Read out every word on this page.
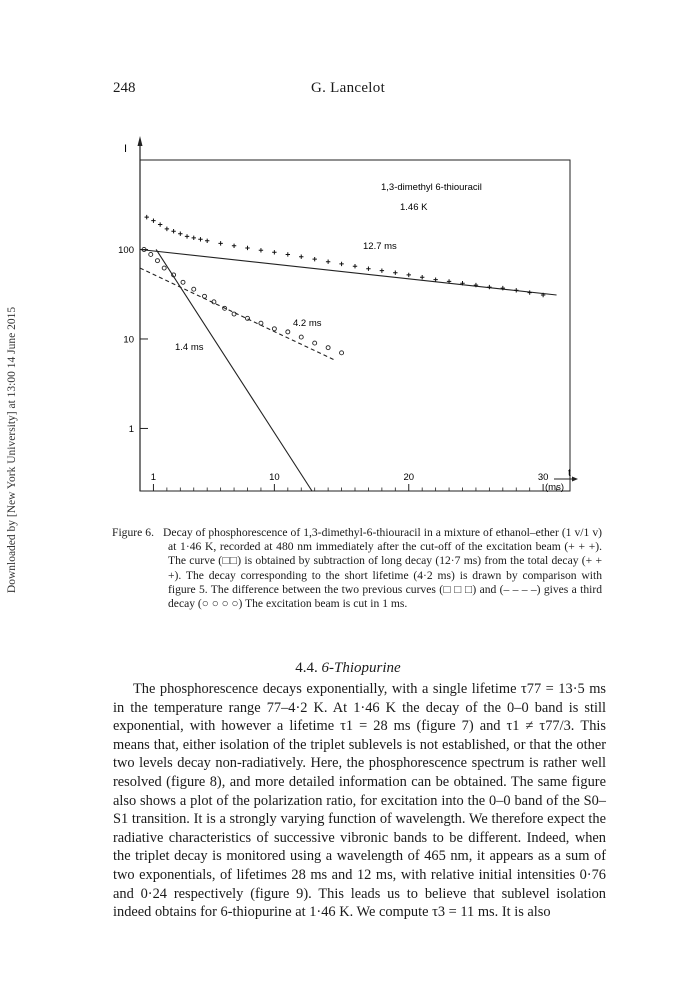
248	G. Lancelot
Downloaded by [New York University] at 13:00 14 June 2015
I
t
(ms)
1,3-dimethyl 6-thiouracil
1.46 K
12.7 ms
4.2 ms
1.4 ms
100
10
1
1	10	20	30
Figure 6. Decay of phosphorescence of 1,3-dimethyl-6-thiouracil in a mixture of ethanol–ether (1 v/1 v) at 1·46 K, recorded at 480 nm immediately after the cut-off of the excitation beam (+ + +). The curve (□□) is obtained by subtraction of long decay (12·7 ms) from the total decay (+ + +). The decay corresponding to the short lifetime (4·2 ms) is drawn by comparison with figure 5. The difference between the two previous curves (□ □ □) and (– – – –) gives a third decay (○ ○ ○ ○) The excitation beam is cut in 1 ms.
4.4. 6-Thiopurine

The phosphorescence decays exponentially, with a single lifetime τ77 = 13·5 ms in the temperature range 77–4·2 K. At 1·46 K the decay of the 0–0 band is still exponential, with however a lifetime τ1 = 28 ms (figure 7) and τ1 ≠ τ77/3. This means that, either isolation of the triplet sublevels is not established, or that the other two levels decay non-radiatively. Here, the phosphorescence spectrum is rather well resolved (figure 8), and more detailed information can be obtained. The same figure also shows a plot of the polarization ratio, for excitation into the 0–0 band of the S0–S1 transition. It is a strongly varying function of wavelength. We therefore expect the radiative characteristics of successive vibronic bands to be different. Indeed, when the triplet decay is monitored using a wavelength of 465 nm, it appears as a sum of two exponentials, of lifetimes 28 ms and 12 ms, with relative initial intensities 0·76 and 0·24 respectively (figure 9). This leads us to believe that sublevel isolation indeed obtains for 6-thiopurine at 1·46 K. We compute τ3 = 11 ms. It is also
